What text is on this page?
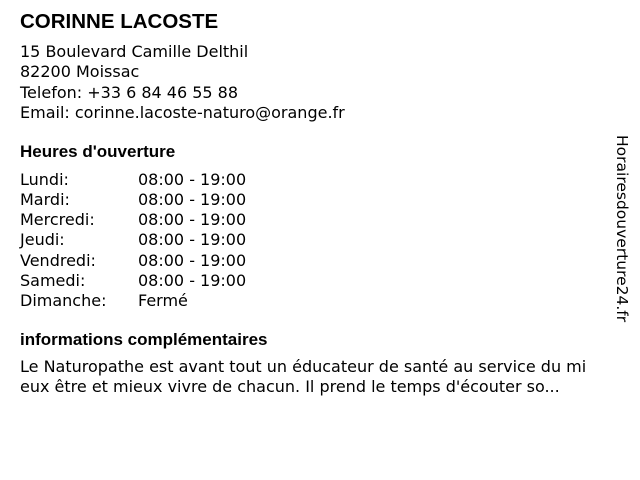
CORINNE LACOSTE
15 Boulevard Camille Delthil
82200 Moissac
Telefon: +33 6 84 46 55 88
Email: corinne.lacoste-naturo@orange.fr
Heures d'ouverture
Lundi:	08:00 - 19:00
Mardi:	08:00 - 19:00
Mercredi:	08:00 - 19:00
Jeudi:	08:00 - 19:00
Vendredi:	08:00 - 19:00
Samedi:	08:00 - 19:00
Dimanche:	Fermé
informations complémentaires
Le Naturopathe est avant tout un éducateur de santé au service du mi
eux être et mieux vivre de chacun. Il prend le temps d'écouter so...
Horairesdouverture24.fr
